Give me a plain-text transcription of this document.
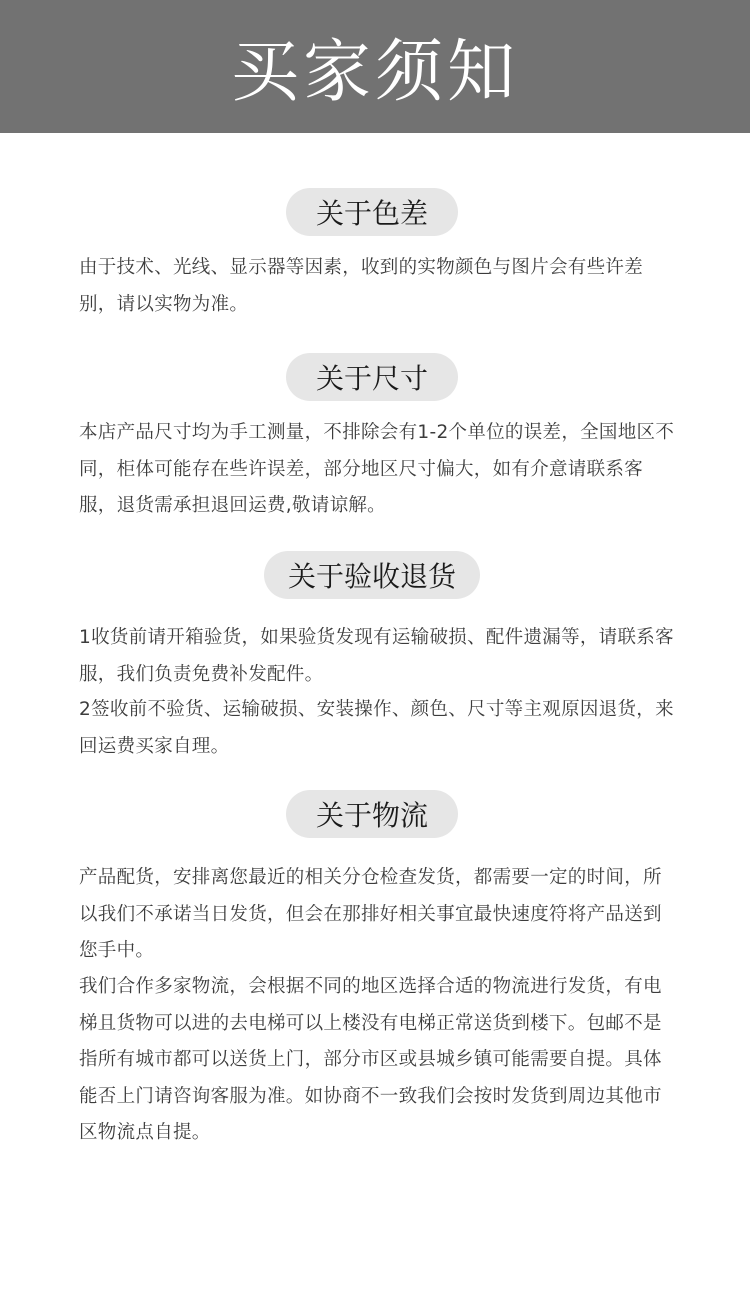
买家须知
关于色差

由于技术、光线、显示器等因素，收到的实物颜色与图片会有些许差别，请以实物为准。

关于尺寸

本店产品尺寸均为手工测量，不排除会有1-2个单位的误差，全国地区不同，柜体可能存在些许误差，部分地区尺寸偏大，如有介意请联系客服，退货需承担退回运费,敬请谅解。

关于验收退货

1收货前请开箱验货，如果验货发现有运输破损、配件遗漏等，请联系客服，我们负责免费补发配件。

2签收前不验货、运输破损、安装操作、颜色、尺寸等主观原因退货，来回运费买家自理。

关于物流

产品配货，安排离您最近的相关分仓检查发货，都需要一定的时间，所以我们不承诺当日发货，但会在那排好相关事宜最快速度符将产品送到您手中。

我们合作多家物流，会根据不同的地区选择合适的物流进行发货，有电梯且货物可以进的去电梯可以上楼没有电梯正常送货到楼下。包邮不是指所有城市都可以送货上门，部分市区或县城乡镇可能需要自提。具体能否上门请咨询客服为准。如协商不一致我们会按时发货到周边其他市区物流点自提。
